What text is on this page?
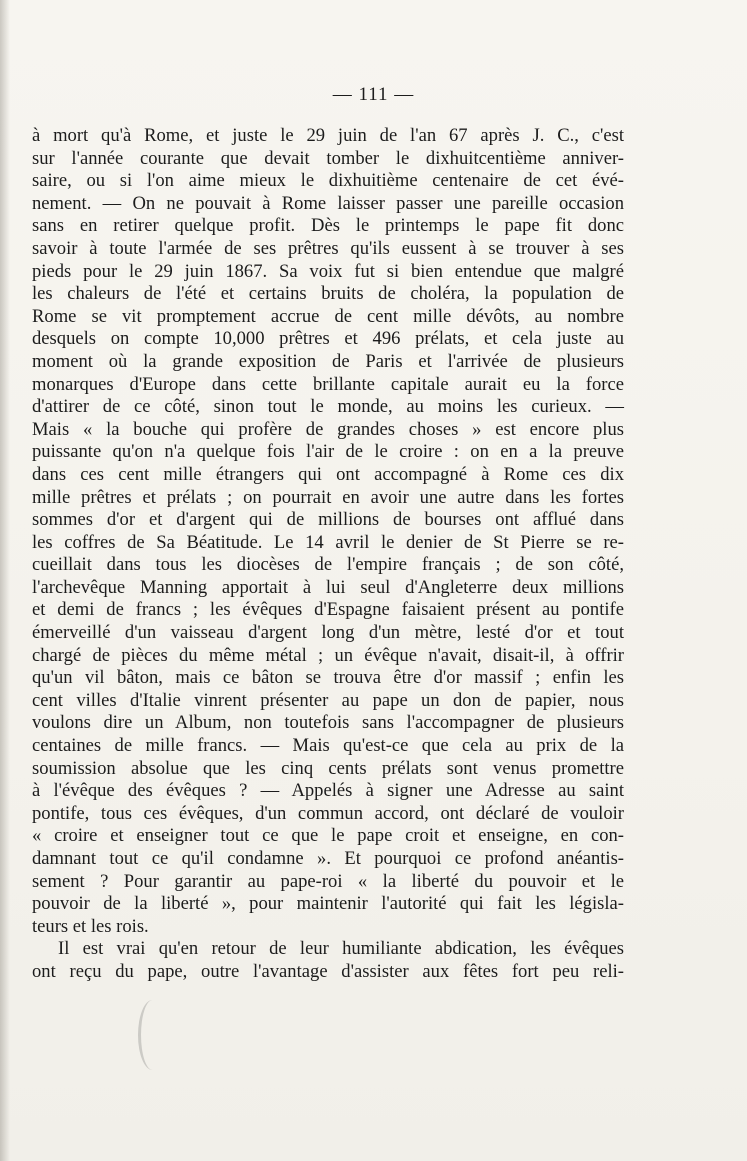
— 111 —
à mort qu'à Rome, et juste le 29 juin de l'an 67 après J. C., c'est
sur l'année courante que devait tomber le dixhuitcentième anniver-
saire, ou si l'on aime mieux le dixhuitième centenaire de cet évé-
nement. — On ne pouvait à Rome laisser passer une pareille occasion
sans en retirer quelque profit. Dès le printemps le pape fit donc
savoir à toute l'armée de ses prêtres qu'ils eussent à se trouver à ses
pieds pour le 29 juin 1867. Sa voix fut si bien entendue que malgré
les chaleurs de l'été et certains bruits de choléra, la population de
Rome se vit promptement accrue de cent mille dévôts, au nombre
desquels on compte 10,000 prêtres et 496 prélats, et cela juste au
moment où la grande exposition de Paris et l'arrivée de plusieurs
monarques d'Europe dans cette brillante capitale aurait eu la force
d'attirer de ce côté, sinon tout le monde, au moins les curieux. —
Mais « la bouche qui profère de grandes choses » est encore plus
puissante qu'on n'a quelque fois l'air de le croire : on en a la preuve
dans ces cent mille étrangers qui ont accompagné à Rome ces dix
mille prêtres et prélats ; on pourrait en avoir une autre dans les fortes
sommes d'or et d'argent qui de millions de bourses ont afflué dans
les coffres de Sa Béatitude. Le 14 avril le denier de St Pierre se re-
cueillait dans tous les diocèses de l'empire français ; de son côté,
l'archevêque Manning apportait à lui seul d'Angleterre deux millions
et demi de francs ; les évêques d'Espagne faisaient présent au pontife
émerveillé d'un vaisseau d'argent long d'un mètre, lesté d'or et tout
chargé de pièces du même métal ; un évêque n'avait, disait-il, à offrir
qu'un vil bâton, mais ce bâton se trouva être d'or massif ; enfin les
cent villes d'Italie vinrent présenter au pape un don de papier, nous
voulons dire un Album, non toutefois sans l'accompagner de plusieurs
centaines de mille francs. — Mais qu'est-ce que cela au prix de la
soumission absolue que les cinq cents prélats sont venus promettre
à l'évêque des évêques ? — Appelés à signer une Adresse au saint
pontife, tous ces évêques, d'un commun accord, ont déclaré de vouloir
« croire et enseigner tout ce que le pape croit et enseigne, en con-
damnant tout ce qu'il condamne ». Et pourquoi ce profond anéantis-
sement ? Pour garantir au pape-roi « la liberté du pouvoir et le
pouvoir de la liberté », pour maintenir l'autorité qui fait les législa-
teurs et les rois.
Il est vrai qu'en retour de leur humiliante abdication, les évêques
ont reçu du pape, outre l'avantage d'assister aux fêtes fort peu reli-
